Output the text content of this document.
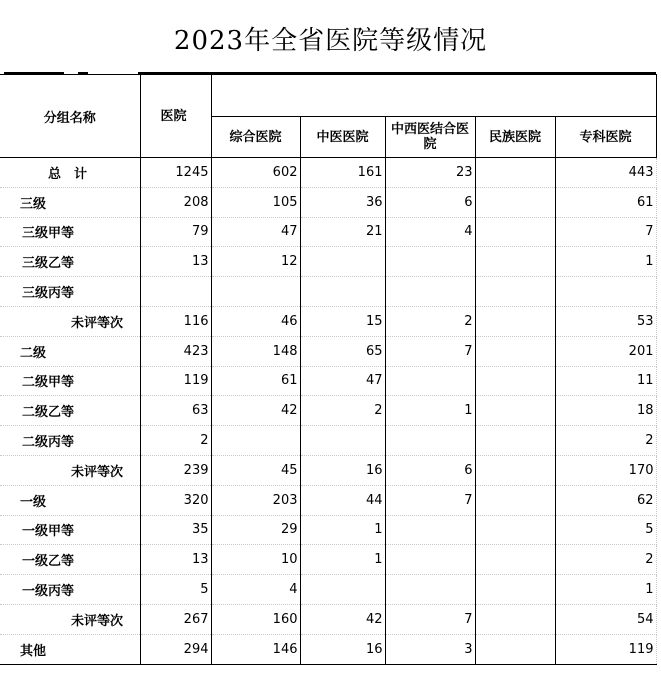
2023年全省医院等级情况
分组名称	医院					
		综合医院	中医医院	中西医结合医院	民族医院	专科医院
总　计	1245	602	161	23		443
三级	208	105	36	6		61
三级甲等	79	47	21	4		7
三级乙等	13	12				1
三级丙等						
未评等次	116	46	15	2		53
二级	423	148	65	7		201
二级甲等	119	61	47			11
二级乙等	63	42	2	1		18
二级丙等	2					2
未评等次	239	45	16	6		170
一级	320	203	44	7		62
一级甲等	35	29	1			5
一级乙等	13	10	1			2
一级丙等	5	4				1
未评等次	267	160	42	7		54
其他	294	146	16	3		119
